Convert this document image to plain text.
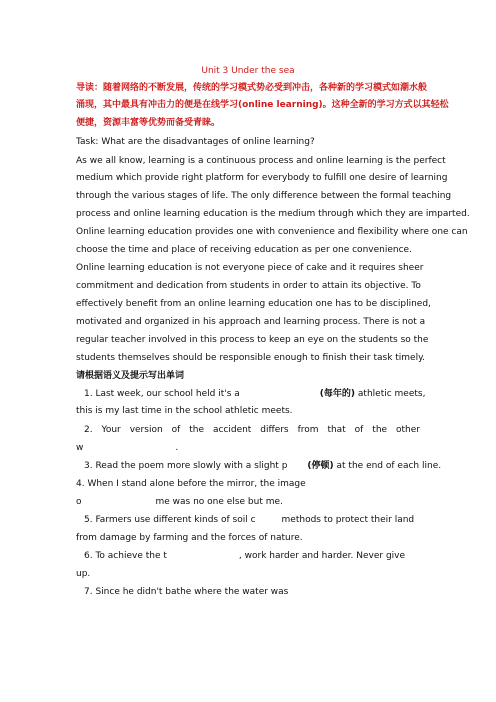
Unit 3 Under the sea
导读：随着网络的不断发展，传统的学习模式势必受到冲击，各种新的学习模式如潮水般
涌现，其中最具有冲击力的便是在线学习(online learning)。这种全新的学习方式以其轻松
便捷，资源丰富等优势而备受青睐。
Task: What are the disadvantages of online learning?
As we all know, learning is a continuous process and online learning is the perfect
medium which provide right platform for everybody to fulfill one desire of learning
through the various stages of life. The only difference between the formal teaching
process and online learning education is the medium through which they are imparted.
Online learning education provides one with convenience and flexibility where one can
choose the time and place of receiving education as per one convenience.
Online learning education is not everyone piece of cake and it requires sheer
commitment and dedication from students in order to attain its objective. To
effectively benefit from an online learning education one has to be disciplined,
motivated and organized in his approach and learning process. There is not a
regular teacher involved in this process to keep an eye on the students so the
students themselves should be responsible enough to finish their task timely.
请根据语义及提示写出单词
1. Last week, our school held it's a	(每年的) athletic meets,
this is my last time in the school athletic meets.
2. Your version of the accident differs from that of the other
w	.
3. Read the poem more slowly with a slight p (停顿) at the end of each line.
4. When I stand alone before the mirror, the image
o	me was no one else but me.
5. Farmers use different kinds of soil c	methods to protect their land
from damage by farming and the forces of nature.
6. To achieve the t	, work harder and harder. Never give
up.
7. Since he didn't bathe where the water was
